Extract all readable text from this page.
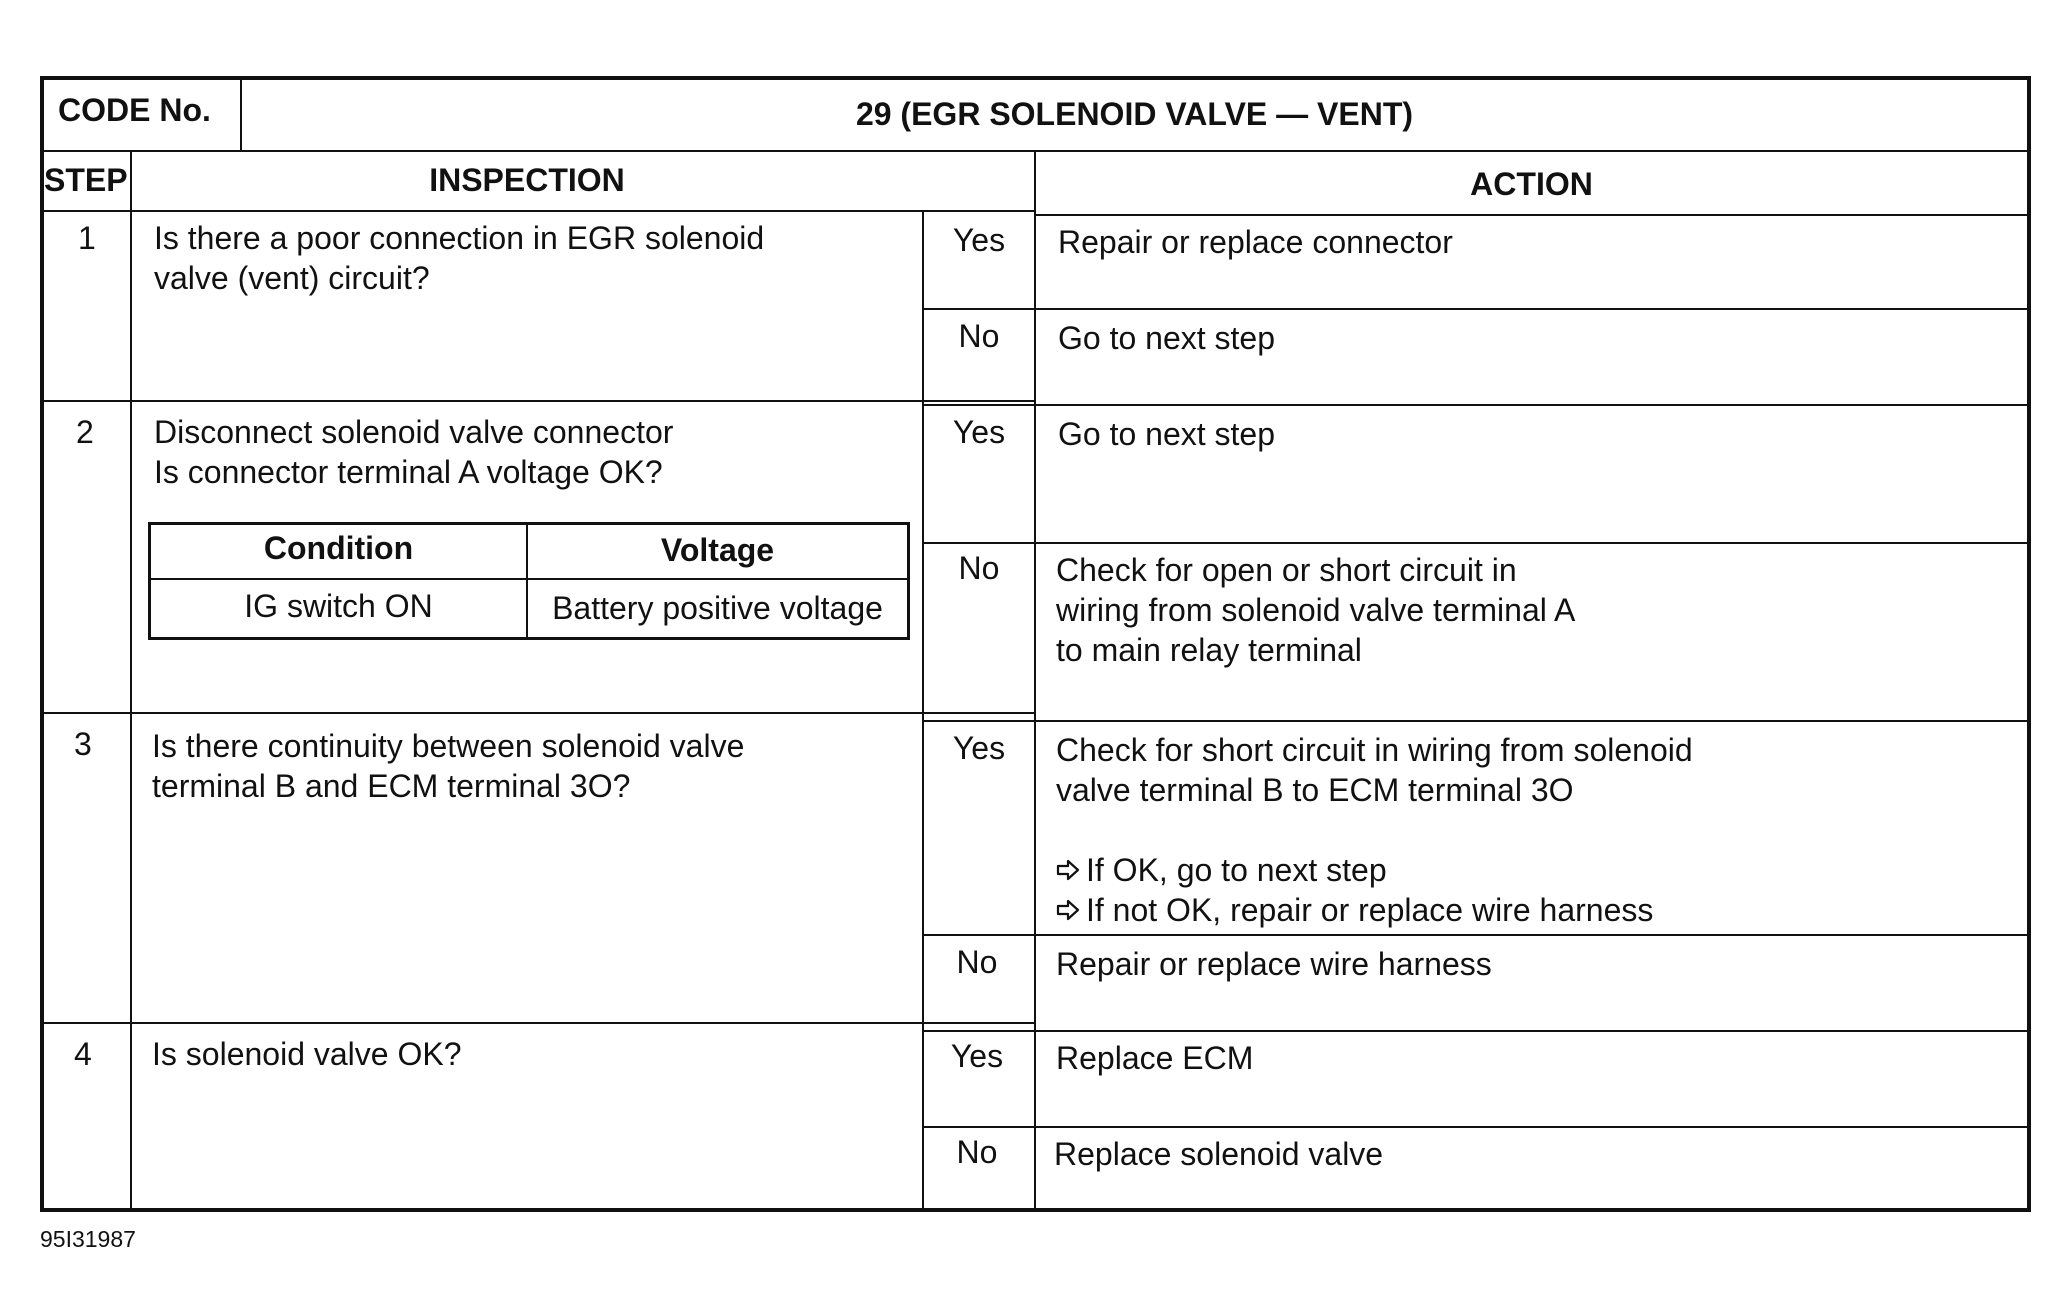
CODE No.	29 (EGR SOLENOID VALVE — VENT)
STEP	INSPECTION	ACTION
1 Is there a poor connection in EGR solenoid
valve (vent) circuit?
Yes	Repair or replace connector
No	Go to next step
2 Disconnect solenoid valve connector
Is connector terminal A voltage OK?
Condition	Voltage
IG switch ON	Battery positive voltage
Yes	Go to next step
No	Check for open or short circuit in
wiring from solenoid valve terminal A
to main relay terminal
3 Is there continuity between solenoid valve
terminal B and ECM terminal 3O?
Yes	Check for short circuit in wiring from solenoid
valve terminal B to ECM terminal 3O

If OK, go to next step

If not OK, repair or replace wire harness

No	Repair or replace wire harness
4 Is solenoid valve OK?	Yes	Replace ECM
No	Replace solenoid valve
95I31987
